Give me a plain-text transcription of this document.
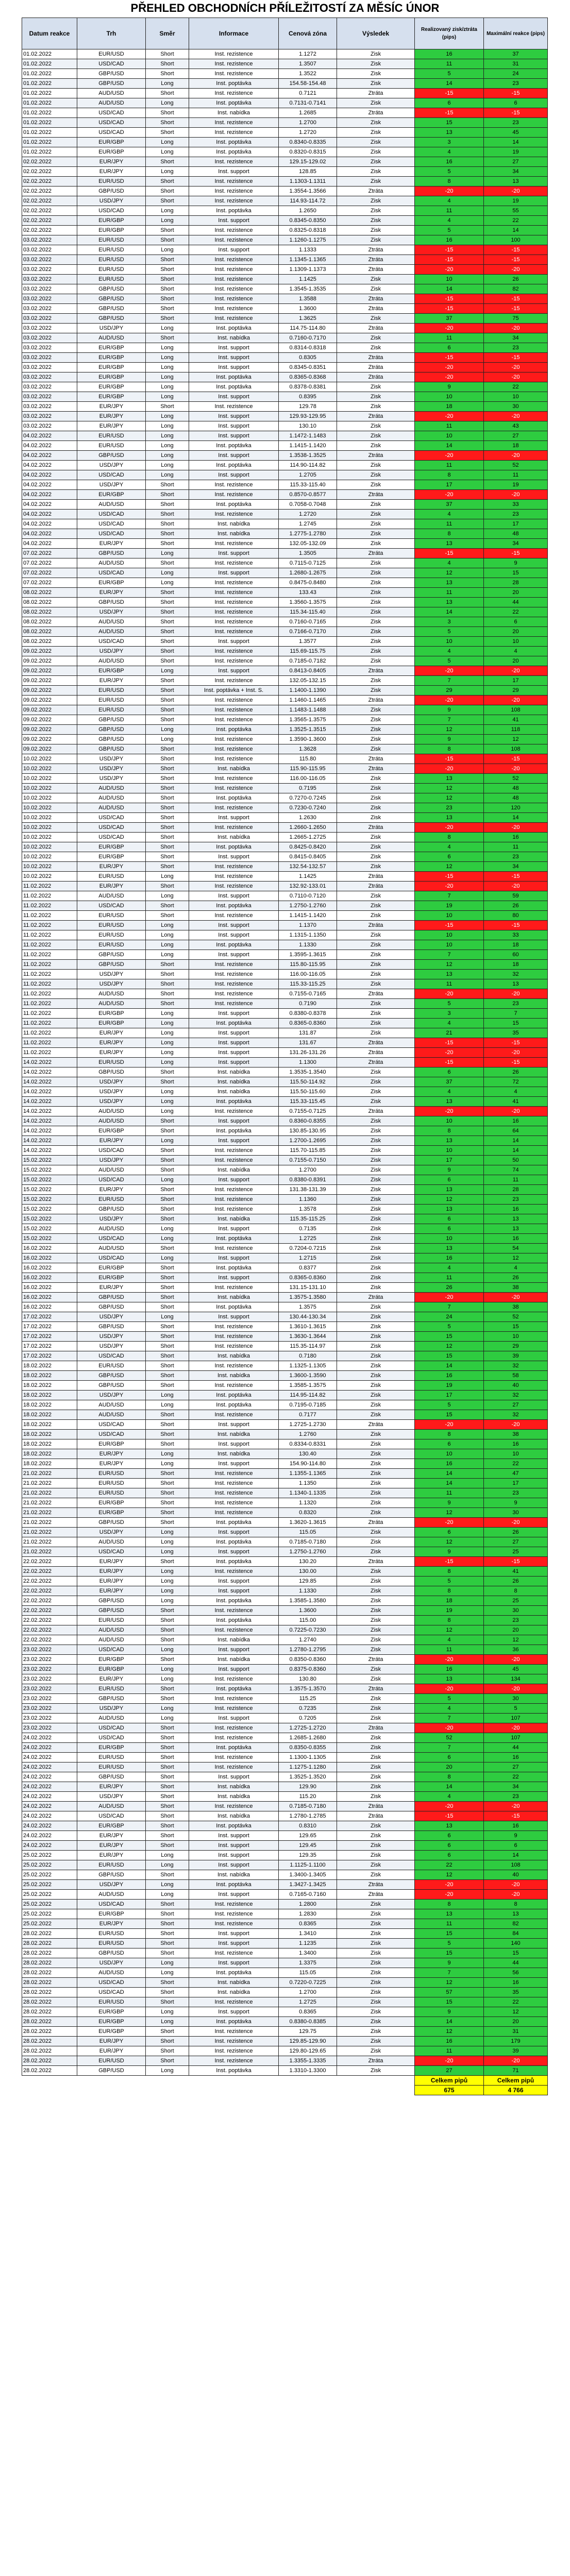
PŘEHLED OBCHODNÍCH PŘÍLEŽITOSTÍ ZA MĚSÍC ÚNOR
Datum reakce	Trh	Směr	Informace	Cenová zóna	Výsledek	Realizovaný zisk/ztráta (pips)	Maximální reakce (pips)
01.02.2022	EUR/USD	Short	Inst. rezistence	1.1272	Zisk	16	37
01.02.2022	USD/CAD	Short	Inst. rezistence	1.3507	Zisk	11	31
01.02.2022	GBP/USD	Short	Inst. rezistence	1.3522	Zisk	5	24
01.02.2022	GBP/USD	Long	Inst. poptávka	154.58-154.48	Zisk	14	23
01.02.2022	AUD/USD	Short	Inst. rezistence	0.7121	Ztráta	-15	-15
01.02.2022	AUD/USD	Long	Inst. poptávka	0.7131-0.7141	Zisk	6	6
01.02.2022	USD/CAD	Short	Inst. nabídka	1.2685	Ztráta	-15	-15
01.02.2022	USD/CAD	Short	Inst. rezistence	1.2700	Zisk	15	23
01.02.2022	USD/CAD	Short	Inst. rezistence	1.2720	Zisk	13	45
01.02.2022	EUR/GBP	Long	Inst. poptávka	0.8340-0.8335	Zisk	3	14
01.02.2022	EUR/GBP	Long	Inst. poptávka	0.8320-0.8315	Zisk	4	19
02.02.2022	EUR/JPY	Short	Inst. rezistence	129.15-129.02	Zisk	16	27
02.02.2022	EUR/JPY	Long	Inst. support	128.85	Zisk	5	34
02.02.2022	EUR/USD	Short	Inst. rezistence	1.1303-1.1311	Zisk	8	13
02.02.2022	GBP/USD	Short	Inst. rezistence	1.3554-1.3566	Ztráta	-20	-20
02.02.2022	USD/JPY	Short	Inst. rezistence	114.93-114.72	Zisk	4	19
02.02.2022	USD/CAD	Long	Inst. poptávka	1.2650	Zisk	11	55
02.02.2022	EUR/GBP	Long	Inst. support	0.8345-0.8350	Zisk	4	22
02.02.2022	EUR/GBP	Short	Inst. rezistence	0.8325-0.8318	Zisk	5	14
03.02.2022	EUR/USD	Short	Inst. rezistence	1.1260-1.1275	Zisk	16	100
03.02.2022	EUR/USD	Long	Inst. support	1.1333	Ztráta	-15	-15
03.02.2022	EUR/USD	Short	Inst. rezistence	1.1345-1.1365	Ztráta	-15	-15
03.02.2022	EUR/USD	Short	Inst. rezistence	1.1309-1.1373	Ztráta	-20	-20
03.02.2022	EUR/USD	Short	Inst. rezistence	1.1425	Zisk	10	26
03.02.2022	GBP/USD	Short	Inst. rezistence	1.3545-1.3535	Zisk	14	82
03.02.2022	GBP/USD	Short	Inst. rezistence	1.3588	Ztráta	-15	-15
03.02.2022	GBP/USD	Short	Inst. rezistence	1.3600	Ztráta	-15	-15
03.02.2022	GBP/USD	Short	Inst. rezistence	1.3625	Zisk	37	75
03.02.2022	USD/JPY	Long	Inst. poptávka	114.75-114.80	Ztráta	-20	-20
03.02.2022	AUD/USD	Short	Inst. nabídka	0.7160-0.7170	Zisk	11	34
03.02.2022	EUR/GBP	Long	Inst. support	0.8314-0.8318	Zisk	6	23
03.02.2022	EUR/GBP	Long	Inst. support	0.8305	Ztráta	-15	-15
03.02.2022	EUR/GBP	Long	Inst. support	0.8345-0.8351	Ztráta	-20	-20
03.02.2022	EUR/GBP	Long	Inst. poptávka	0.8365-0.8368	Ztráta	-20	-20
03.02.2022	EUR/GBP	Long	Inst. poptávka	0.8378-0.8381	Zisk	9	22
03.02.2022	EUR/GBP	Long	Inst. support	0.8395	Zisk	10	10
03.02.2022	EUR/JPY	Short	Inst. rezistence	129.78	Zisk	18	30
03.02.2022	EUR/JPY	Long	Inst. support	129.93-129.95	Ztráta	-20	-20
03.02.2022	EUR/JPY	Long	Inst. support	130.10	Zisk	11	43
04.02.2022	EUR/USD	Long	Inst. support	1.1472-1.1483	Zisk	10	27
04.02.2022	EUR/USD	Long	Inst. poptávka	1.1415-1.1420	Zisk	14	18
04.02.2022	GBP/USD	Long	Inst. support	1.3538-1.3525	Ztráta	-20	-20
04.02.2022	USD/JPY	Long	Inst. poptávka	114.90-114.82	Zisk	11	52
04.02.2022	USD/CAD	Long	Inst. support	1.2705	Zisk	8	11
04.02.2022	USD/JPY	Short	Inst. rezistence	115.33-115.40	Zisk	17	19
04.02.2022	EUR/GBP	Short	Inst. rezistence	0.8570-0.8577	Ztráta	-20	-20
04.02.2022	AUD/USD	Short	Inst. poptávka	0.7058-0.7048	Zisk	37	33
04.02.2022	USD/CAD	Short	Inst. rezistence	1.2720	Zisk	4	23
04.02.2022	USD/CAD	Short	Inst. nabídka	1.2745	Zisk	11	17
04.02.2022	USD/CAD	Short	Inst. nabídka	1.2775-1.2780	Zisk	8	48
04.02.2022	EUR/JPY	Short	Inst. rezistence	132.05-132.09	Zisk	13	34
07.02.2022	GBP/USD	Long	Inst. support	1.3505	Ztráta	-15	-15
07.02.2022	AUD/USD	Short	Inst. rezistence	0.7115-0.7125	Zisk	4	9
07.02.2022	USD/CAD	Long	Inst. support	1.2680-1.2675	Zisk	12	15
07.02.2022	EUR/GBP	Long	Inst. rezistence	0.8475-0.8480	Zisk	13	28
08.02.2022	EUR/JPY	Short	Inst. rezistence	133.43	Zisk	11	20
08.02.2022	GBP/USD	Short	Inst. rezistence	1.3560-1.3575	Zisk	13	44
08.02.2022	USD/JPY	Short	Inst. rezistence	115.34-115.40	Zisk	14	22
08.02.2022	AUD/USD	Short	Inst. rezistence	0.7160-0.7165	Zisk	3	6
08.02.2022	AUD/USD	Short	Inst. rezistence	0.7166-0.7170	Zisk	5	20
08.02.2022	USD/CAD	Short	Inst. support	1.3577	Zisk	10	10
09.02.2022	USD/JPY	Short	Inst. rezistence	115.69-115.75	Zisk	4	4
09.02.2022	AUD/USD	Short	Inst. rezistence	0.7185-0.7182	Zisk	5	20
09.02.2022	EUR/GBP	Long	Inst. support	0.8413-0.8405	Ztráta	-20	-20
09.02.2022	EUR/JPY	Short	Inst. rezistence	132.05-132.15	Zisk	7	17
09.02.2022	EUR/USD	Short	Inst. poptávka + Inst. S.	1.1400-1.1390	Zisk	29	29
09.02.2022	EUR/USD	Short	Inst. rezistence	1.1460-1.1465	Ztráta	-20	-20
09.02.2022	EUR/USD	Short	Inst. rezistence	1.1483-1.1488	Zisk	9	108
09.02.2022	GBP/USD	Short	Inst. rezistence	1.3565-1.3575	Zisk	7	41
09.02.2022	GBP/USD	Long	Inst. poptávka	1.3525-1.3515	Zisk	12	118
09.02.2022	GBP/USD	Long	Inst. rezistence	1.3590-1.3600	Zisk	9	12
09.02.2022	GBP/USD	Short	Inst. rezistence	1.3628	Zisk	8	108
10.02.2022	USD/JPY	Short	Inst. rezistence	115.80	Ztráta	-15	-15
10.02.2022	USD/JPY	Short	Inst. nabídka	115.90-115.95	Ztráta	-20	-20
10.02.2022	USD/JPY	Short	Inst. rezistence	116.00-116.05	Zisk	13	52
10.02.2022	AUD/USD	Short	Inst. rezistence	0.7195	Zisk	12	48
10.02.2022	AUD/USD	Short	Inst. poptávka	0.7270-0.7245	Zisk	12	48
10.02.2022	AUD/USD	Short	Inst. rezistence	0.7230-0.7240	Zisk	23	120
10.02.2022	USD/CAD	Short	Inst. support	1.2630	Zisk	13	14
10.02.2022	USD/CAD	Short	Inst. rezistence	1.2660-1.2650	Ztráta	-20	-20
10.02.2022	USD/CAD	Short	Inst. nabídka	1.2665-1.2725	Zisk	8	16
10.02.2022	EUR/GBP	Short	Inst. poptávka	0.8425-0.8420	Zisk	4	11
10.02.2022	EUR/GBP	Short	Inst. support	0.8415-0.8405	Zisk	6	23
10.02.2022	EUR/JPY	Short	Inst. rezistence	132.54-132.57	Zisk	12	34
10.02.2022	EUR/USD	Long	Inst. rezistence	1.1425	Ztráta	-15	-15
11.02.2022	EUR/JPY	Short	Inst. rezistence	132.92-133.01	Ztráta	-20	-20
11.02.2022	AUD/USD	Long	Inst. support	0.7110-0.7120	Zisk	7	59
11.02.2022	USD/CAD	Short	Inst. poptávka	1.2750-1.2760	Zisk	19	26
11.02.2022	EUR/USD	Short	Inst. rezistence	1.1415-1.1420	Zisk	10	80
11.02.2022	EUR/USD	Long	Inst. support	1.1370	Ztráta	-15	-15
11.02.2022	EUR/USD	Long	Inst. support	1.1315-1.1350	Zisk	10	33
11.02.2022	EUR/USD	Long	Inst. poptávka	1.1330	Zisk	10	18
11.02.2022	GBP/USD	Long	Inst. support	1.3595-1.3615	Zisk	7	60
11.02.2022	GBP/USD	Short	Inst. rezistence	115.80-115.95	Zisk	12	18
11.02.2022	USD/JPY	Short	Inst. rezistence	116.00-116.05	Zisk	13	32
11.02.2022	USD/JPY	Short	Inst. rezistence	115.33-115.25	Zisk	11	13
11.02.2022	AUD/USD	Short	Inst. rezistence	0.7155-0.7165	Ztráta	-20	-20
11.02.2022	AUD/USD	Short	Inst. rezistence	0.7190	Zisk	5	23
11.02.2022	EUR/GBP	Long	Inst. support	0.8380-0.8378	Zisk	3	7
11.02.2022	EUR/GBP	Long	Inst. poptávka	0.8365-0.8360	Zisk	4	15
11.02.2022	EUR/JPY	Long	Inst. support	131.87	Zisk	21	35
11.02.2022	EUR/JPY	Long	Inst. support	131.67	Ztráta	-15	-15
11.02.2022	EUR/JPY	Long	Inst. support	131.26-131.26	Ztráta	-20	-20
14.02.2022	EUR/USD	Long	Inst. support	1.1300	Ztráta	-15	-15
14.02.2022	GBP/USD	Short	Inst. nabídka	1.3535-1.3540	Zisk	6	26
14.02.2022	USD/JPY	Short	Inst. nabídka	115.50-114.92	Zisk	37	72
14.02.2022	USD/JPY	Long	Inst. nabídka	115.50-115.60	Zisk	4	4
14.02.2022	USD/JPY	Long	Inst. poptávka	115.33-115.45	Zisk	13	41
14.02.2022	AUD/USD	Long	Inst. rezistence	0.7155-0.7125	Ztráta	-20	-20
14.02.2022	AUD/USD	Short	Inst. support	0.8360-0.8355	Zisk	10	16
14.02.2022	EUR/GBP	Short	Inst. poptávka	130.85-130.95	Zisk	8	64
14.02.2022	EUR/JPY	Long	Inst. support	1.2700-1.2695	Zisk	13	14
14.02.2022	USD/CAD	Short	Inst. rezistence	115.70-115.85	Zisk	10	14
15.02.2022	USD/JPY	Short	Inst. rezistence	0.7155-0.7150	Zisk	17	50
15.02.2022	AUD/USD	Short	Inst. nabídka	1.2700	Zisk	9	74
15.02.2022	USD/CAD	Long	Inst. support	0.8380-0.8391	Zisk	6	11
15.02.2022	EUR/JPY	Short	Inst. rezistence	131.38-131.39	Zisk	13	28
15.02.2022	EUR/USD	Short	Inst. rezistence	1.1360	Zisk	12	23
15.02.2022	GBP/USD	Short	Inst. rezistence	1.3578	Zisk	13	16
15.02.2022	USD/JPY	Short	Inst. nabídka	115.35-115.25	Zisk	6	13
15.02.2022	AUD/USD	Long	Inst. support	0.7135	Zisk	6	13
15.02.2022	USD/CAD	Long	Inst. poptávka	1.2725	Zisk	10	16
16.02.2022	AUD/USD	Short	Inst. rezistence	0.7204-0.7215	Zisk	13	54
16.02.2022	USD/CAD	Long	Inst. support	1.2715	Zisk	16	12
16.02.2022	EUR/GBP	Short	Inst. poptávka	0.8377	Zisk	4	4
16.02.2022	EUR/GBP	Short	Inst. support	0.8365-0.8360	Zisk	11	26
16.02.2022	EUR/JPY	Short	Inst. rezistence	131.15-131.10	Zisk	26	38
16.02.2022	GBP/USD	Short	Inst. nabídka	1.3575-1.3580	Ztráta	-20	-20
16.02.2022	GBP/USD	Short	Inst. poptávka	1.3575	Zisk	7	38
17.02.2022	USD/JPY	Long	Inst. support	130.44-130.34	Zisk	24	52
17.02.2022	GBP/USD	Short	Inst. rezistence	1.3610-1.3615	Zisk	5	15
17.02.2022	USD/JPY	Short	Inst. rezistence	1.3630-1.3644	Zisk	15	10
17.02.2022	USD/JPY	Short	Inst. rezistence	115.35-114.97	Zisk	12	29
17.02.2022	USD/CAD	Short	Inst. nabídka	0.7180	Zisk	15	39
18.02.2022	EUR/USD	Short	Inst. rezistence	1.1325-1.1305	Zisk	14	32
18.02.2022	GBP/USD	Short	Inst. nabídka	1.3600-1.3590	Zisk	16	58
18.02.2022	GBP/USD	Short	Inst. rezistence	1.3585-1.3575	Zisk	19	40
18.02.2022	USD/JPY	Long	Inst. poptávka	114.95-114.82	Zisk	17	32
18.02.2022	AUD/USD	Long	Inst. poptávka	0.7195-0.7185	Zisk	5	27
18.02.2022	AUD/USD	Short	Inst. rezistence	0.7177	Zisk	15	32
18.02.2022	USD/CAD	Short	Inst. support	1.2725-1.2730	Ztráta	-20	-20
18.02.2022	USD/CAD	Short	Inst. nabídka	1.2760	Zisk	8	38
18.02.2022	EUR/GBP	Short	Inst. support	0.8334-0.8331	Zisk	6	16
18.02.2022	EUR/JPY	Long	Inst. nabídka	130.40	Zisk	10	10
18.02.2022	EUR/JPY	Long	Inst. support	154.90-114.80	Zisk	16	22
21.02.2022	EUR/USD	Short	Inst. rezistence	1.1355-1.1365	Zisk	14	47
21.02.2022	EUR/USD	Short	Inst. rezistence	1.1350	Zisk	14	17
21.02.2022	EUR/USD	Short	Inst. rezistence	1.1340-1.1335	Zisk	11	23
21.02.2022	EUR/GBP	Short	Inst. rezistence	1.1320	Zisk	9	9
21.02.2022	EUR/GBP	Short	Inst. rezistence	0.8320	Zisk	12	30
21.02.2022	GBP/USD	Short	Inst. poptávka	1.3620-1.3615	Ztráta	-20	-20
21.02.2022	USD/JPY	Long	Inst. support	115.05	Zisk	6	26
21.02.2022	AUD/USD	Long	Inst. poptávka	0.7185-0.7180	Zisk	12	27
21.02.2022	USD/CAD	Long	Inst. support	1.2750-1.2760	Zisk	9	25
22.02.2022	EUR/JPY	Short	Inst. poptávka	130.20	Ztráta	-15	-15
22.02.2022	EUR/JPY	Long	Inst. rezistence	130.00	Zisk	8	41
22.02.2022	EUR/JPY	Long	Inst. support	129.85	Zisk	5	26
22.02.2022	EUR/JPY	Long	Inst. support	1.1330	Zisk	8	8
22.02.2022	GBP/USD	Long	Inst. poptávka	1.3585-1.3580	Zisk	18	25
22.02.2022	GBP/USD	Short	Inst. rezistence	1.3600	Zisk	19	30
22.02.2022	EUR/USD	Short	Inst. poptávka	115.00	Zisk	8	23
22.02.2022	AUD/USD	Short	Inst. rezistence	0.7225-0.7230	Zisk	12	20
22.02.2022	AUD/USD	Short	Inst. nabídka	1.2740	Zisk	4	12
23.02.2022	USD/CAD	Long	Inst. support	1.2780-1.2795	Zisk	11	36
23.02.2022	EUR/GBP	Short	Inst. nabídka	0.8350-0.8360	Ztráta	-20	-20
23.02.2022	EUR/GBP	Long	Inst. support	0.8375-0.8360	Zisk	16	45
23.02.2022	EUR/JPY	Long	Inst. rezistence	130.80	Zisk	13	134
23.02.2022	EUR/USD	Short	Inst. poptávka	1.3575-1.3570	Ztráta	-20	-20
23.02.2022	GBP/USD	Short	Inst. rezistence	115.25	Zisk	5	30
23.02.2022	USD/JPY	Long	Inst. rezistence	0.7235	Zisk	4	5
23.02.2022	AUD/USD	Long	Inst. support	0.7205	Zisk	7	107
23.02.2022	USD/CAD	Short	Inst. rezistence	1.2725-1.2720	Ztráta	-20	-20
24.02.2022	USD/CAD	Short	Inst. rezistence	1.2685-1.2680	Zisk	52	107
24.02.2022	EUR/GBP	Short	Inst. poptávka	0.8350-0.8355	Zisk	7	44
24.02.2022	EUR/USD	Short	Inst. rezistence	1.1300-1.1305	Zisk	6	16
24.02.2022	EUR/USD	Short	Inst. rezistence	1.1275-1.1280	Zisk	20	27
24.02.2022	GBP/USD	Short	Inst. support	1.3525-1.3520	Zisk	8	22
24.02.2022	EUR/JPY	Short	Inst. nabídka	129.90	Zisk	14	34
24.02.2022	USD/JPY	Short	Inst. nabídka	115.20	Zisk	4	23
24.02.2022	AUD/USD	Short	Inst. rezistence	0.7185-0.7180	Ztráta	-20	-20
24.02.2022	USD/CAD	Short	Inst. nabídka	1.2780-1.2785	Ztráta	-15	-15
24.02.2022	EUR/GBP	Short	Inst. poptávka	0.8310	Zisk	13	16
24.02.2022	EUR/JPY	Short	Inst. support	129.65	Zisk	6	9
24.02.2022	EUR/JPY	Short	Inst. support	129.45	Zisk	6	6
25.02.2022	EUR/JPY	Long	Inst. support	129.35	Zisk	6	14
25.02.2022	EUR/USD	Long	Inst. support	1.1125-1.1100	Zisk	22	108
25.02.2022	GBP/USD	Short	Inst. nabídka	1.3400-1.3405	Zisk	12	40
25.02.2022	USD/JPY	Long	Inst. poptávka	1.3427-1.3425	Ztráta	-20	-20
25.02.2022	AUD/USD	Long	Inst. support	0.7165-0.7160	Ztráta	-20	-20
25.02.2022	USD/CAD	Short	Inst. rezistence	1.2800	Zisk	8	8
25.02.2022	EUR/GBP	Short	Inst. rezistence	1.2830	Zisk	13	13
25.02.2022	EUR/JPY	Short	Inst. rezistence	0.8365	Zisk	11	82
28.02.2022	EUR/USD	Short	Inst. support	1.3410	Zisk	15	84
28.02.2022	EUR/USD	Short	Inst. support	1.1235	Zisk	5	140
28.02.2022	GBP/USD	Short	Inst. rezistence	1.3400	Zisk	15	15
28.02.2022	USD/JPY	Long	Inst. support	1.3375	Zisk	9	44
28.02.2022	AUD/USD	Long	Inst. poptávka	115.05	Zisk	7	56
28.02.2022	USD/CAD	Short	Inst. nabídka	0.7220-0.7225	Zisk	12	16
28.02.2022	USD/CAD	Short	Inst. nabídka	1.2700	Zisk	57	35
28.02.2022	EUR/USD	Short	Inst. rezistence	1.2725	Zisk	15	22
28.02.2022	EUR/GBP	Long	Inst. support	0.8365	Zisk	9	12
28.02.2022	EUR/GBP	Long	Inst. poptávka	0.8380-0.8385	Zisk	14	20
28.02.2022	EUR/GBP	Short	Inst. rezistence	129.75	Zisk	12	31
28.02.2022	EUR/JPY	Short	Inst. rezistence	129.85-129.90	Zisk	16	179
28.02.2022	EUR/JPY	Short	Inst. rezistence	129.80-129.65	Zisk	11	39
28.02.2022	EUR/USD	Short	Inst. rezistence	1.3355-1.3335	Ztráta	-20	-20
28.02.2022	GBP/USD	Long	Inst. poptávka	1.3310-1.3300	Zisk	27	71
						Celkem pipů	Celkem pipů
						675	4 766
